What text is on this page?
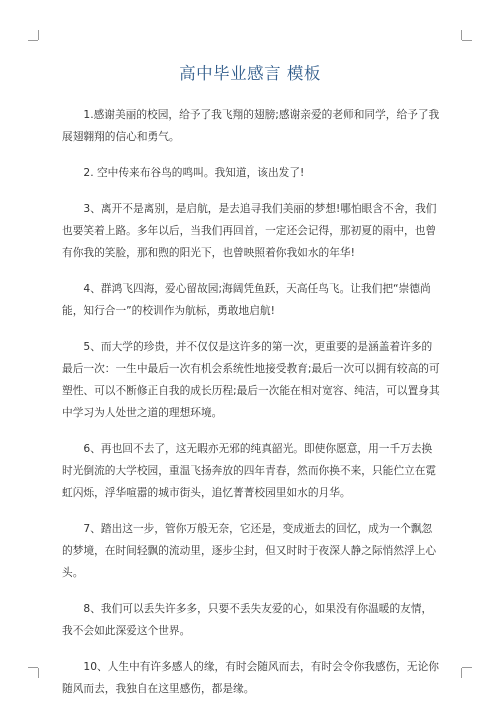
高中毕业感言 模板

1.感谢美丽的校园，给予了我飞翔的翅膀;感谢亲爱的老师和同学，给予了我展翅翱翔的信心和勇气。

2. 空中传来布谷鸟的鸣叫。我知道，该出发了!

3、离开不是离别，是启航，是去追寻我们美丽的梦想!哪怕眼含不舍，我们也要笑着上路。多年以后，当我们再回首，一定还会记得，那初夏的雨中，也曾有你我的笑脸，那和煦的阳光下，也曾映照着你我如水的年华!

4、群鸿飞四海，爱心留故园;海阔凭鱼跃，天高任鸟飞。让我们把“崇德尚能，知行合一”的校训作为航标，勇敢地启航!

5、而大学的珍贵，并不仅仅是这许多的第一次，更重要的是涵盖着许多的最后一次：一生中最后一次有机会系统性地接受教育;最后一次可以拥有较高的可塑性、可以不断修正自我的成长历程;最后一次能在相对宽容、纯洁，可以置身其中学习为人处世之道的理想环境。

6、再也回不去了，这无暇亦无邪的纯真韶光。即使你愿意，用一千万去换时光倒流的大学校园，重温飞扬奔放的四年青春，然而你换不来，只能伫立在霓虹闪烁，浮华喧嚣的城市街头，追忆菁菁校园里如水的月华。

7、踏出这一步，管你万般无奈，它还是，变成逝去的回忆，成为一个飘忽的梦境，在时间轻飘的流动里，逐步尘封，但又时时于夜深人静之际悄然浮上心头。

8、我们可以丢失许多多，只要不丢失友爱的心，如果没有你温暖的友情，我不会如此深爱这个世界。

10、人生中有许多感人的缘，有时会随风而去，有时会令你我感伤，无论你随风而去，我独自在这里感伤，都是缘。
